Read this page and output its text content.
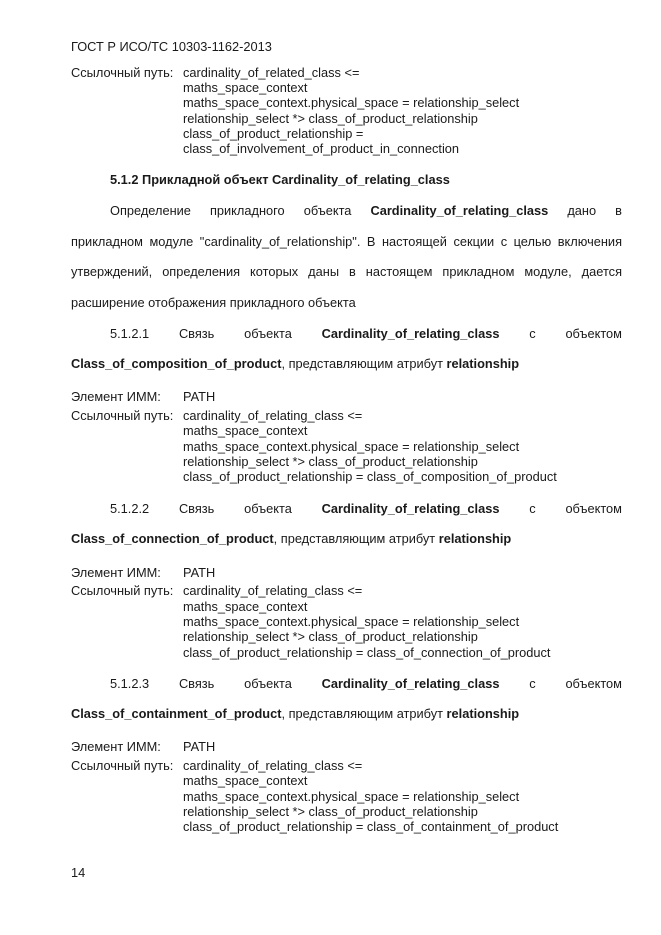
ГОСТ Р ИСО/ТС 10303-1162-2013
Ссылочный путь: cardinality_of_related_class <=
maths_space_context
maths_space_context.physical_space = relationship_select
relationship_select *> class_of_product_relationship
class_of_product_relationship =
class_of_involvement_of_product_in_connection
5.1.2 Прикладной объект Cardinality_of_relating_class
Определение прикладного объекта Cardinality_of_relating_class дано в
прикладном модуле "cardinality_of_relationship". В настоящей секции с целью включения
утверждений, определения которых даны в настоящем прикладном модуле, дается
расширение отображения прикладного объекта
5.1.2.1 Связь объекта Cardinality_of_relating_class с объектом
Class_of_composition_of_product, представляющим атрибут relationship
Элемент ИММ: PATH
Ссылочный путь: cardinality_of_relating_class <=
maths_space_context
maths_space_context.physical_space = relationship_select
relationship_select *> class_of_product_relationship
class_of_product_relationship = class_of_composition_of_product
5.1.2.2 Связь объекта Cardinality_of_relating_class с объектом
Class_of_connection_of_product, представляющим атрибут relationship
Элемент ИММ: PATH
Ссылочный путь: cardinality_of_relating_class <=
maths_space_context
maths_space_context.physical_space = relationship_select
relationship_select *> class_of_product_relationship
class_of_product_relationship = class_of_connection_of_product
5.1.2.3 Связь объекта Cardinality_of_relating_class с объектом
Class_of_containment_of_product, представляющим атрибут relationship
Элемент ИММ: PATH
Ссылочный путь: cardinality_of_relating_class <=
maths_space_context
maths_space_context.physical_space = relationship_select
relationship_select *> class_of_product_relationship
class_of_product_relationship = class_of_containment_of_product
14
